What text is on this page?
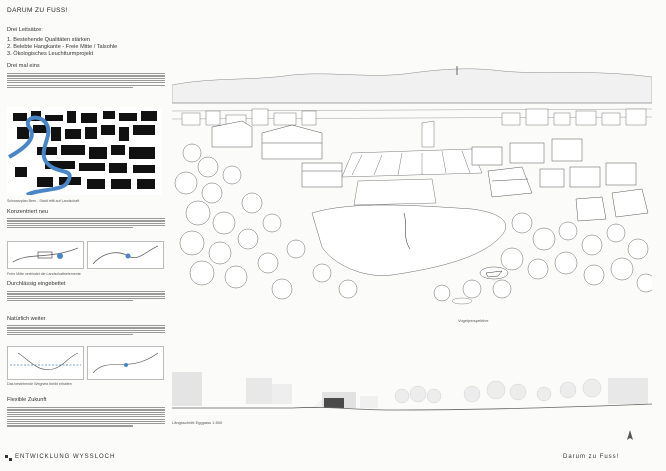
DARUM ZU FUSS!
Drei Leitsätze:
1. Bestehende Qualitäten stärken
2. Belebte Hangkante - Freie Mitte / Talsohle
3. Ökologisches Leuchtturmprojekt
Drei mal eins
Schwarzplan Bern - Stadt trifft auf Landschaft
Konzentriert neu
Freie Mitte verbindet die Landschaftselemente
Durchlässig eingebettet
Natürlich weiter
Das bestehende Wegnetz bleibt erhalten
Flexible Zukunft
Vogelperspektive
Längsschnitt Eggpass 1:500
ENTWICKLUNG WYSSLOCH	Darum zu Fuss!
